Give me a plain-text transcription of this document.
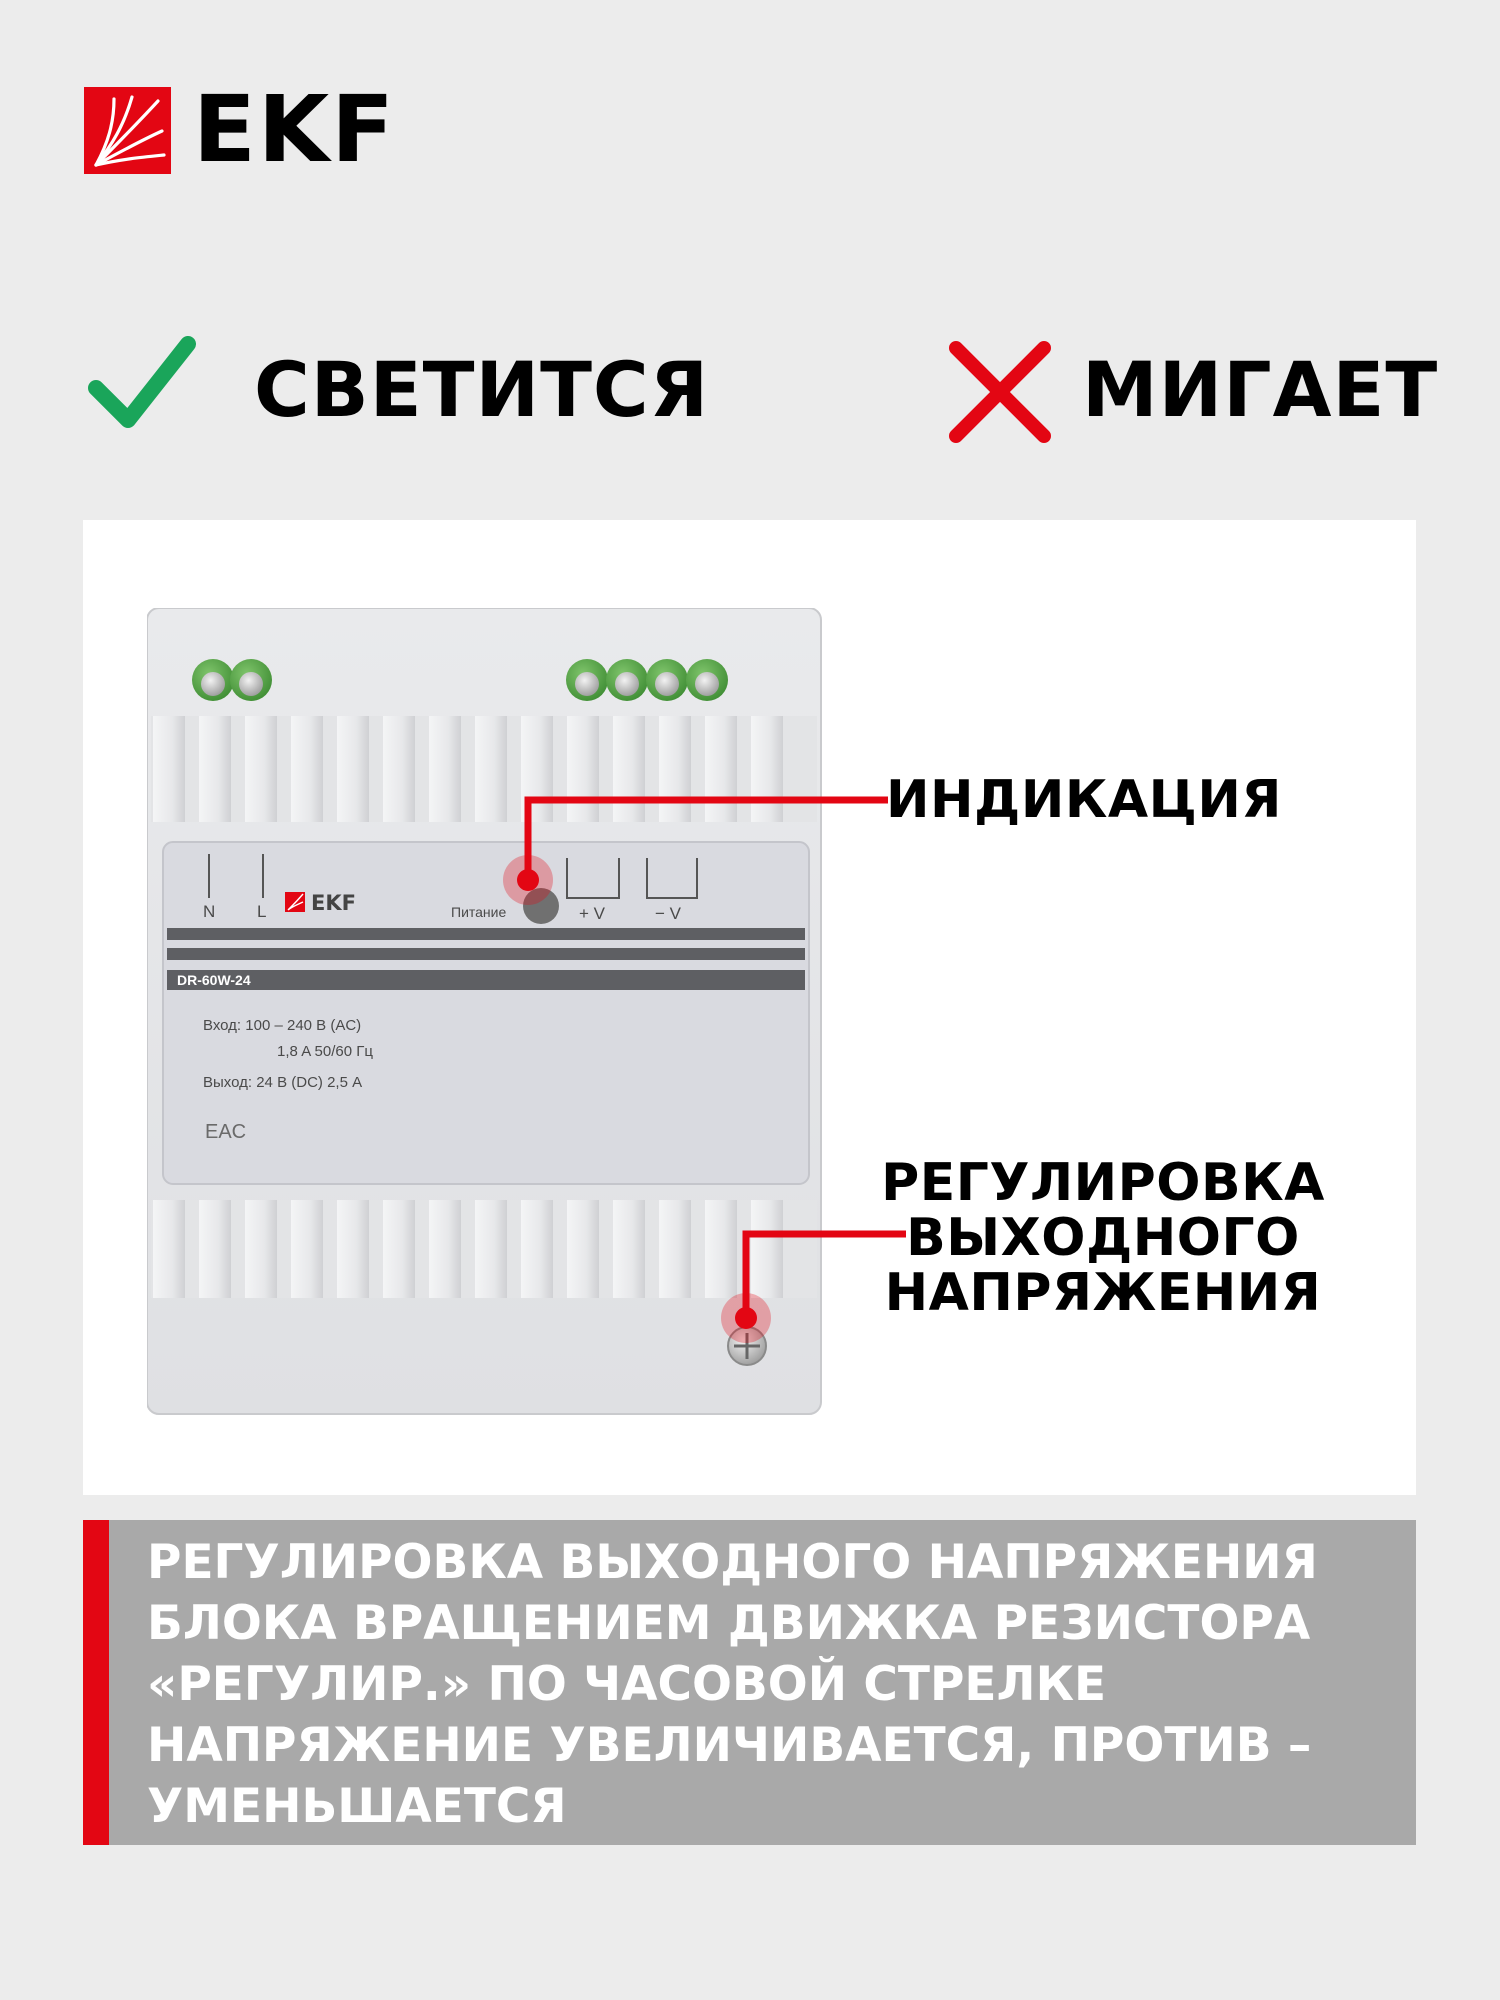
EKF
СВЕТИТСЯ	МИГАЕТ
N L EKF	Питание	+ V	− V
DR-60W-24
Вход: 100 – 240 В (AC)
1,8 A 50/60 Гц
Выход: 24 В (DC) 2,5 A
EAC
ИНДИКАЦИЯ
РЕГУЛИРОВКА
ВЫХОДНОГО
НАПРЯЖЕНИЯ
РЕГУЛИРОВКА ВЫХОДНОГО НАПРЯЖЕНИЯ
БЛОКА ВРАЩЕНИЕМ ДВИЖКА РЕЗИСТОРА
«РЕГУЛИР.» ПО ЧАСОВОЙ СТРЕЛКЕ
НАПРЯЖЕНИЕ УВЕЛИЧИВАЕТСЯ, ПРОТИВ –
УМЕНЬШАЕТСЯ
